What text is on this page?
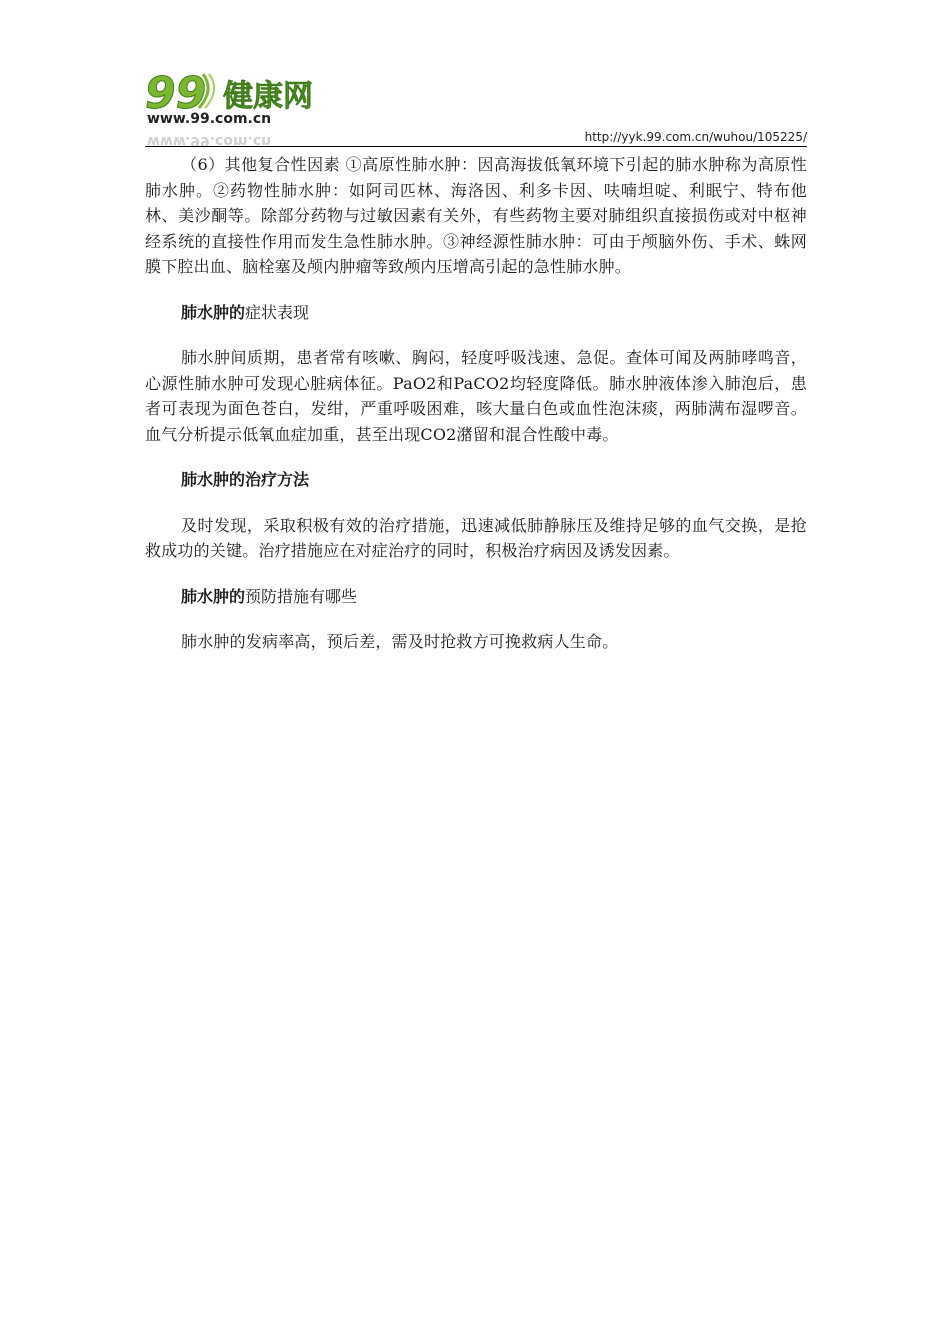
99 健康网
www.99.com.cn
www.99.com.cn	http://yyk.99.com.cn/wuhou/105225/

（6）其他复合性因素 ①高原性肺水肿：因高海拔低氧环境下引起的肺水肿称为高原性肺水肿。②药物性肺水肿：如阿司匹林、海洛因、利多卡因、呋喃坦啶、利眠宁、特布他林、美沙酮等。除部分药物与过敏因素有关外，有些药物主要对肺组织直接损伤或对中枢神经系统的直接性作用而发生急性肺水肿。③神经源性肺水肿：可由于颅脑外伤、手术、蛛网膜下腔出血、脑栓塞及颅内肿瘤等致颅内压增高引起的急性肺水肿。

肺水肿的症状表现

肺水肿间质期，患者常有咳嗽、胸闷，轻度呼吸浅速、急促。查体可闻及两肺哮鸣音，心源性肺水肿可发现心脏病体征。PaO2和PaCO2均轻度降低。肺水肿液体渗入肺泡后，患者可表现为面色苍白，发绀，严重呼吸困难，咳大量白色或血性泡沫痰，两肺满布湿啰音。血气分析提示低氧血症加重，甚至出现CO2潴留和混合性酸中毒。

肺水肿的治疗方法

及时发现，采取积极有效的治疗措施，迅速减低肺静脉压及维持足够的血气交换，是抢救成功的关键。治疗措施应在对症治疗的同时，积极治疗病因及诱发因素。

肺水肿的预防措施有哪些

肺水肿的发病率高，预后差，需及时抢救方可挽救病人生命。
